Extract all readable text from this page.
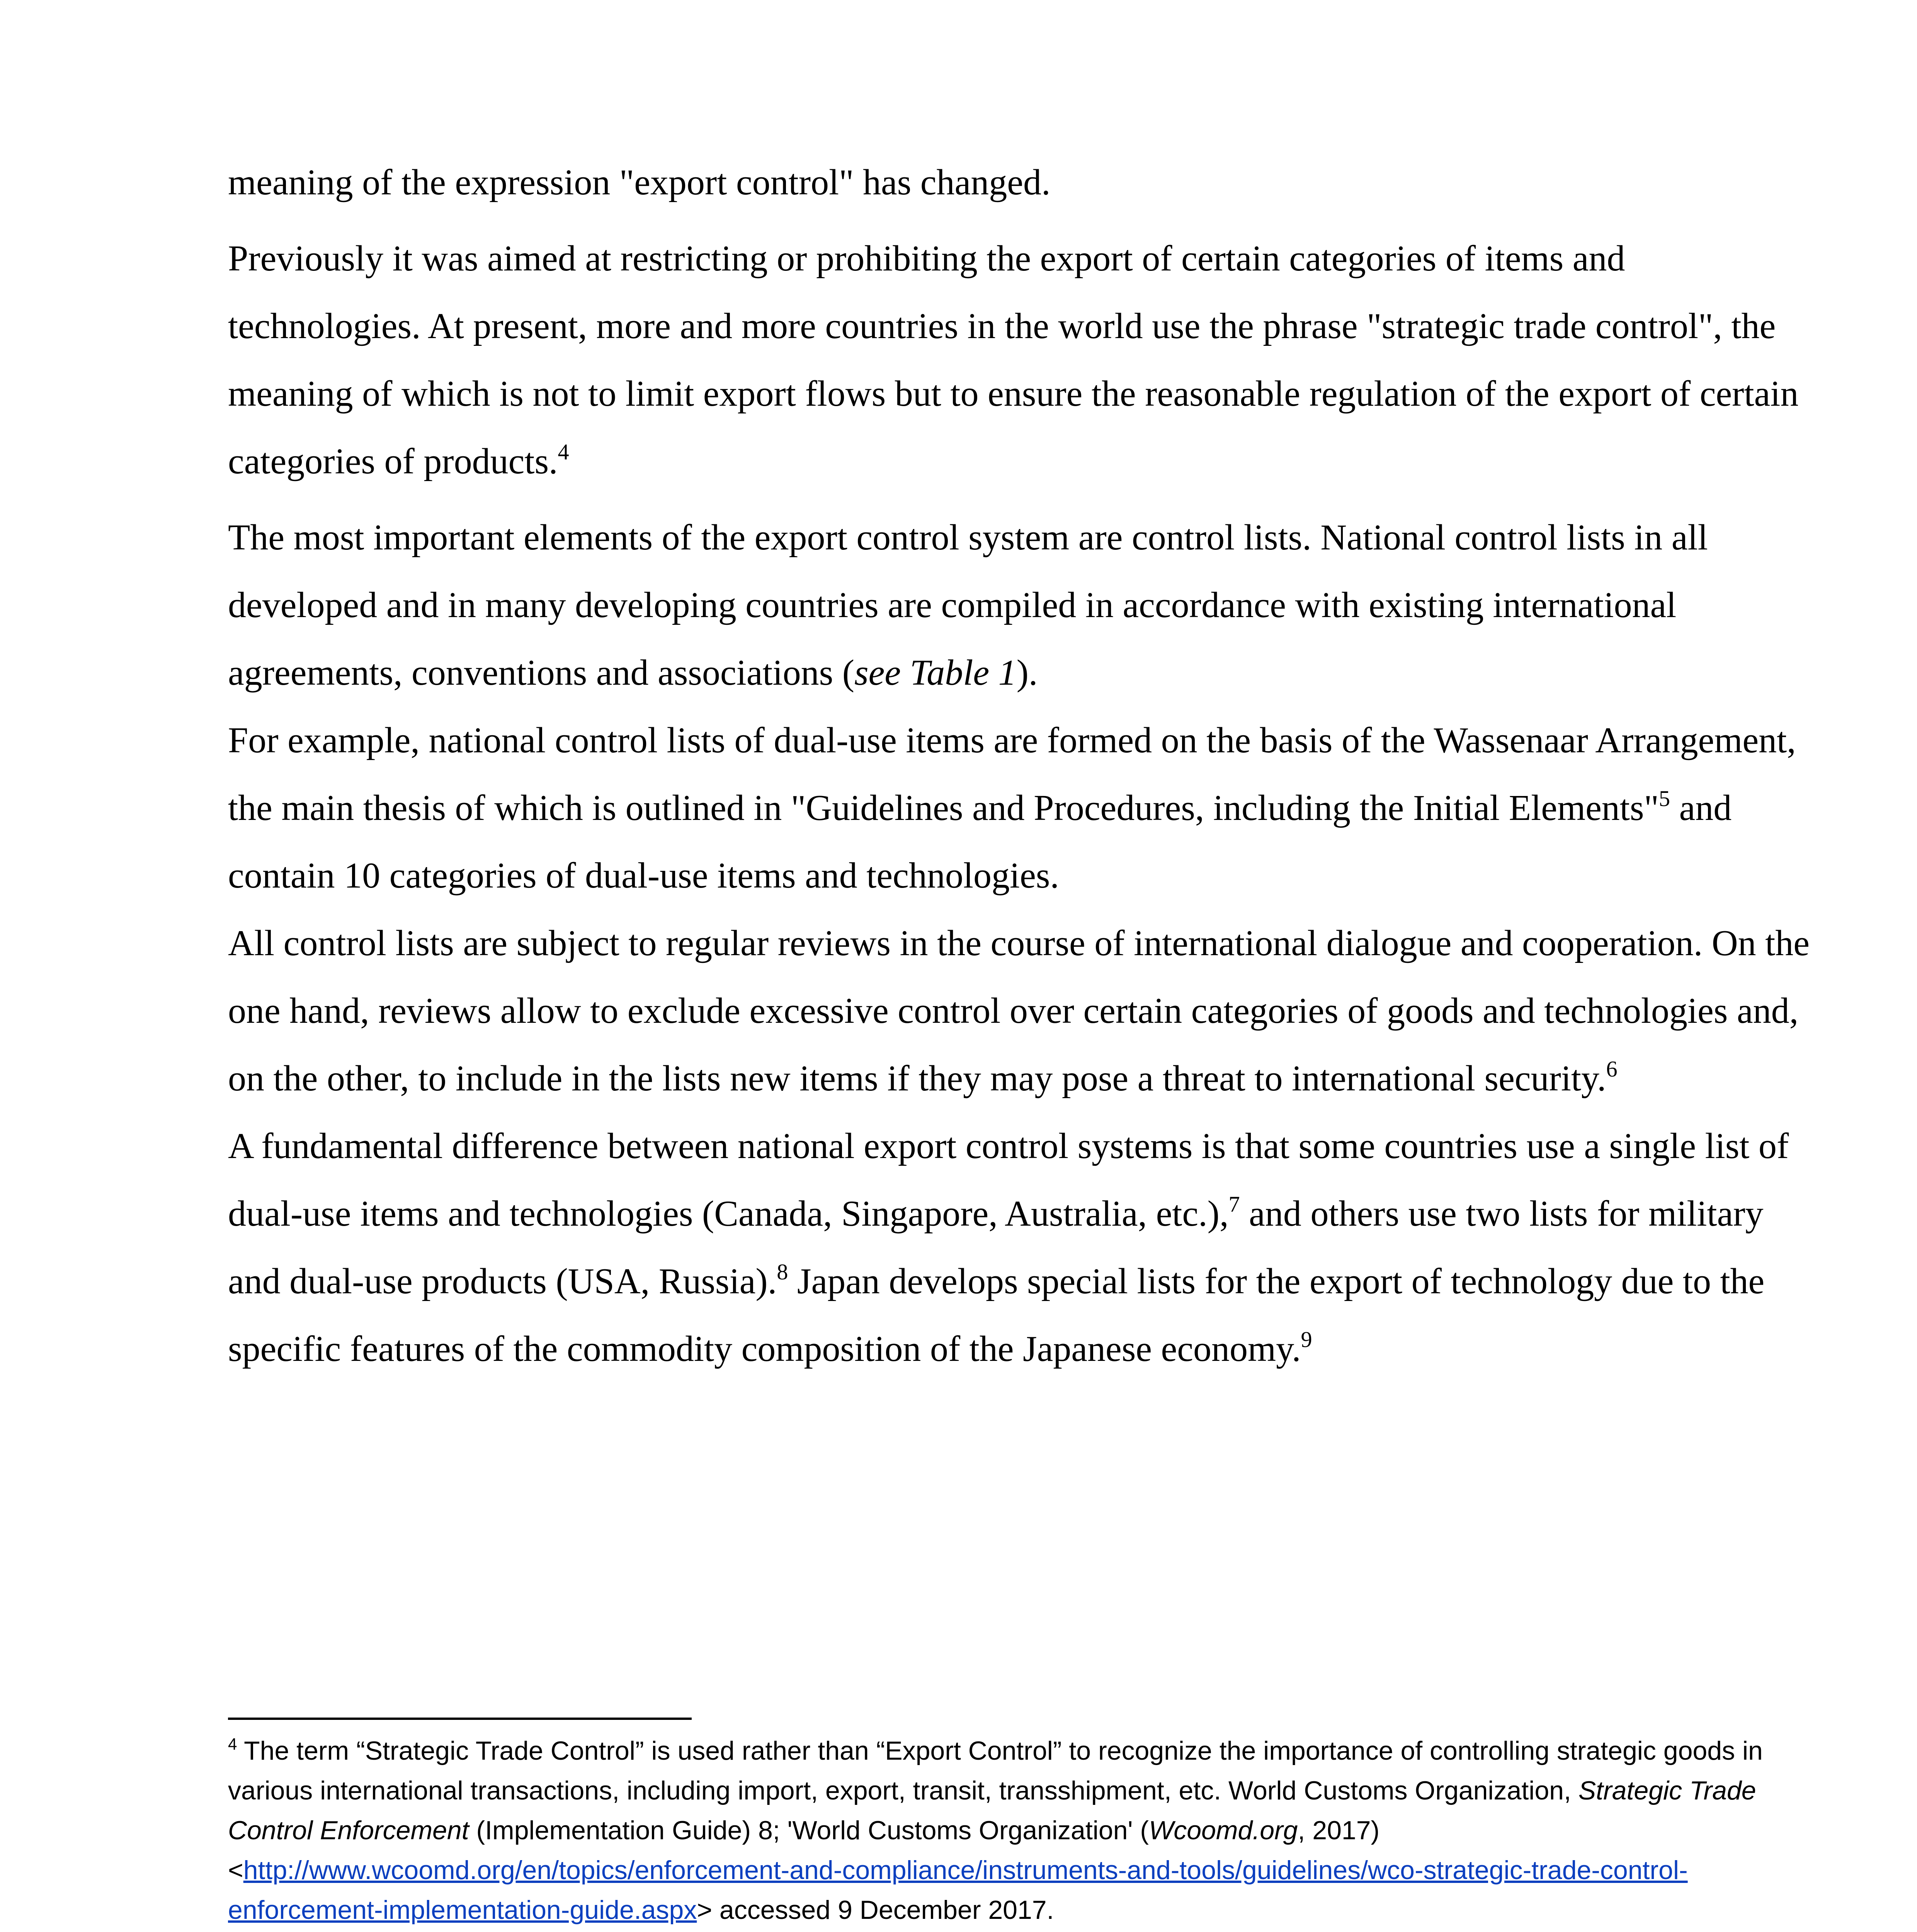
meaning of the expression "export control" has changed.

Previously it was aimed at restricting or prohibiting the export of certain categories of items and technologies. At present, more and more countries in the world use the phrase "strategic trade control", the meaning of which is not to limit export flows but to ensure the reasonable regulation of the export of certain categories of products.$^4$

The most important elements of the export control system are control lists. National control lists in all developed and in many developing countries are compiled in accordance with existing international agreements, conventions and associations (see Table 1).

For example, national control lists of dual-use items are formed on the basis of the Wassenaar Arrangement, the main thesis of which is outlined in "Guidelines and Procedures, including the Initial Elements"$^5$ and contain 10 categories of dual-use items and technologies.

All control lists are subject to regular reviews in the course of international dialogue and cooperation. On the one hand, reviews allow to exclude excessive control over certain categories of goods and technologies and, on the other, to include in the lists new items if they may pose a threat to international security.$^6$

A fundamental difference between national export control systems is that some countries use a single list of dual-use items and technologies (Canada, Singapore, Australia, etc.),$^7$ and others use two lists for military and dual-use products (USA, Russia).$^8$ Japan develops special lists for the export of technology due to the specific features of the commodity composition of the Japanese economy.$^9$

$^4$ The term “Strategic Trade Control” is used rather than “Export Control” to recognize the importance of controlling strategic goods in various international transactions, including import, export, transit, transshipment, etc. World Customs Organization, Strategic Trade Control Enforcement (Implementation Guide) 8; 'World Customs Organization' (Wcoomd.org, 2017) <http://www.wcoomd.org/en/topics/enforcement-and-compliance/instruments-and-tools/guidelines/wco-strategic-trade-control-enforcement-implementation-guide.aspx> accessed 9 December 2017.
